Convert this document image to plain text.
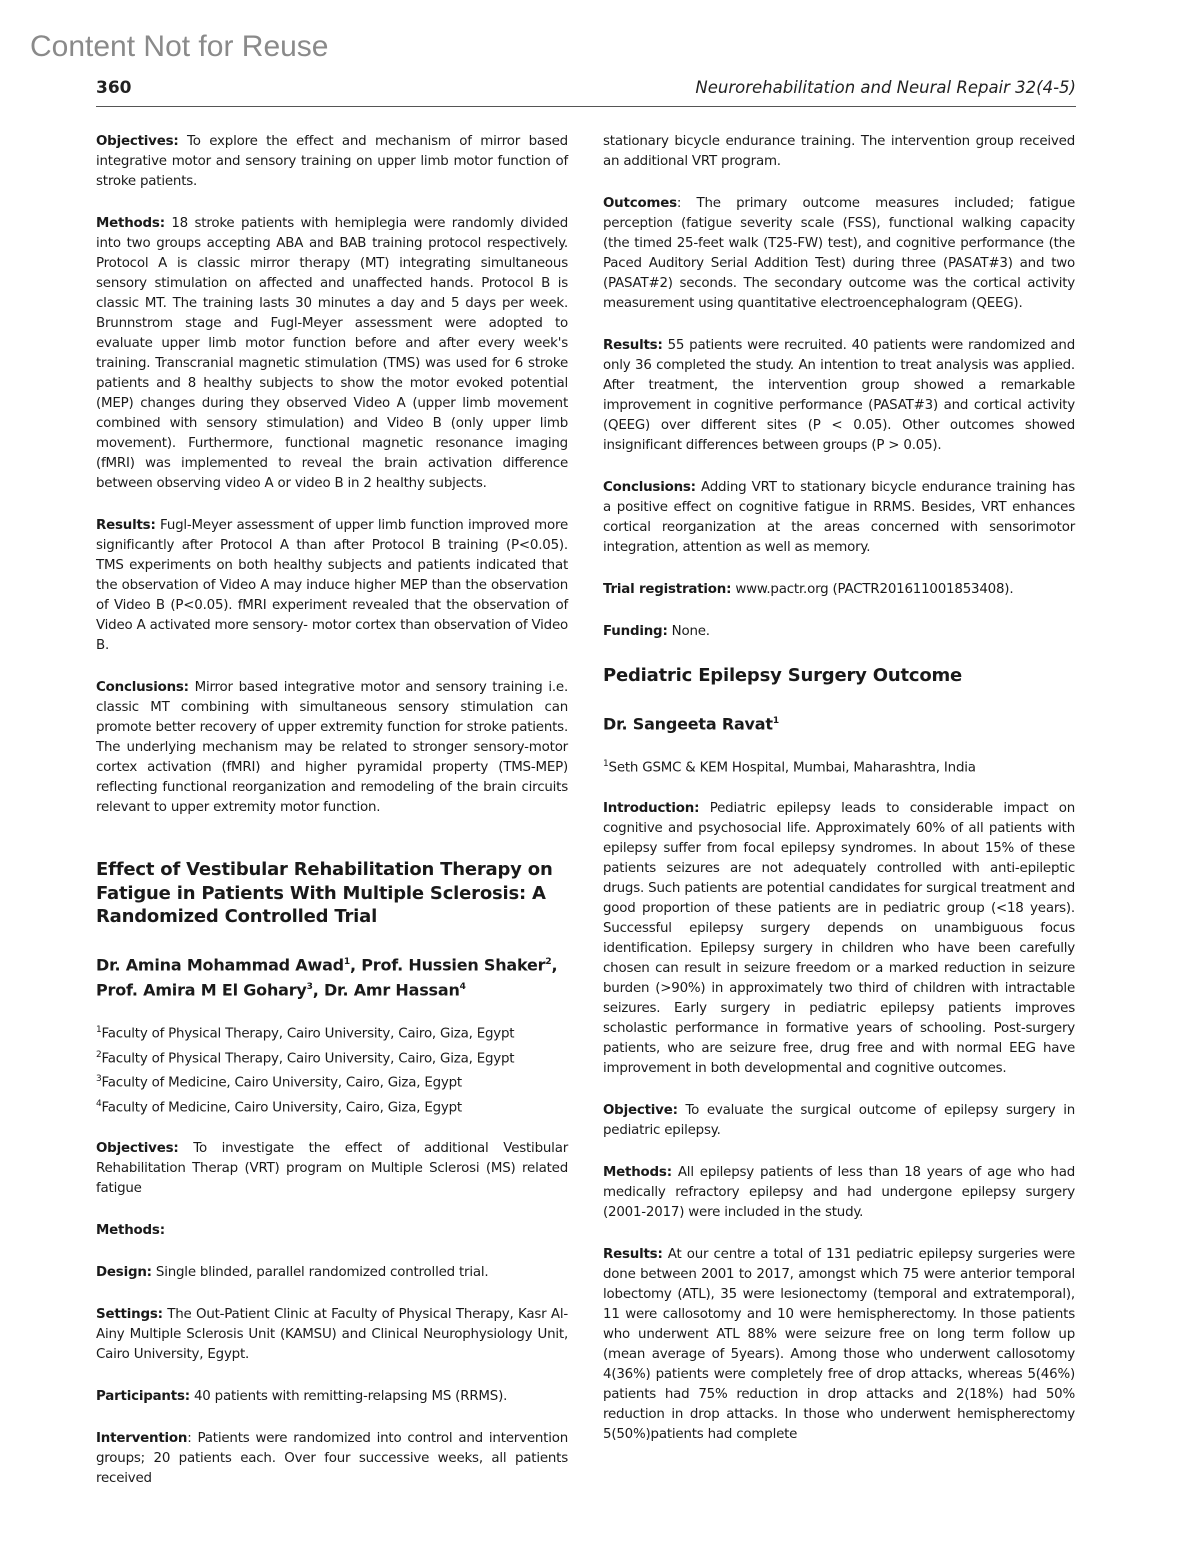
Content Not for Reuse
360	Neurorehabilitation and Neural Repair 32(4-5)

Objectives: To explore the effect and mechanism of mirror based integrative motor and sensory training on upper limb motor function of stroke patients.

Methods: 18 stroke patients with hemiplegia were randomly divided into two groups accepting ABA and BAB training protocol respectively. Protocol A is classic mirror therapy (MT) integrating simultaneous sensory stimulation on affected and unaffected hands. Protocol B is classic MT. The training lasts 30 minutes a day and 5 days per week. Brunnstrom stage and Fugl-Meyer assessment were adopted to evaluate upper limb motor function before and after every week's training. Transcranial magnetic stimulation (TMS) was used for 6 stroke patients and 8 healthy subjects to show the motor evoked potential (MEP) changes during they observed Video A (upper limb movement combined with sensory stimulation) and Video B (only upper limb movement). Furthermore, functional magnetic resonance imaging (fMRI) was implemented to reveal the brain activation difference between observing video A or video B in 2 healthy subjects.

Results: Fugl-Meyer assessment of upper limb function improved more significantly after Protocol A than after Protocol B training (P<0.05). TMS experiments on both healthy subjects and patients indicated that the observation of Video A may induce higher MEP than the observation of Video B (P<0.05). fMRI experiment revealed that the observation of Video A activated more sensory- motor cortex than observation of Video B.

Conclusions: Mirror based integrative motor and sensory training i.e. classic MT combining with simultaneous sensory stimulation can promote better recovery of upper extremity function for stroke patients. The underlying mechanism may be related to stronger sensory-motor cortex activation (fMRI) and higher pyramidal property (TMS-MEP) reflecting functional reorganization and remodeling of the brain circuits relevant to upper extremity motor function.

Effect of Vestibular Rehabilitation Therapy on Fatigue in Patients With Multiple Sclerosis: A Randomized Controlled Trial
Dr. Amina Mohammad Awad$^1$, Prof. Hussien Shaker$^2$,
Prof. Amira M El Gohary$^3$, Dr. Amr Hassan$^4$
$^1$Faculty of Physical Therapy, Cairo University, Cairo, Giza, Egypt
$^2$Faculty of Physical Therapy, Cairo University, Cairo, Giza, Egypt
$^3$Faculty of Medicine, Cairo University, Cairo, Giza, Egypt
$^4$Faculty of Medicine, Cairo University, Cairo, Giza, Egypt

Objectives: To investigate the effect of additional Vestibular Rehabilitation Therap (VRT) program on Multiple Sclerosi (MS) related fatigue

Methods:

Design: Single blinded, parallel randomized controlled trial.

Settings: The Out-Patient Clinic at Faculty of Physical Therapy, Kasr Al-Ainy Multiple Sclerosis Unit (KAMSU) and Clinical Neurophysiology Unit, Cairo University, Egypt.

Participants: 40 patients with remitting-relapsing MS (RRMS).

Intervention: Patients were randomized into control and intervention groups; 20 patients each. Over four successive weeks, all patients received

stationary bicycle endurance training. The intervention group received an additional VRT program.

Outcomes: The primary outcome measures included; fatigue perception (fatigue severity scale (FSS), functional walking capacity (the timed 25-feet walk (T25-FW) test), and cognitive performance (the Paced Auditory Serial Addition Test) during three (PASAT#3) and two (PASAT#2) seconds. The secondary outcome was the cortical activity measurement using quantitative electroencephalogram (QEEG).

Results: 55 patients were recruited. 40 patients were randomized and only 36 completed the study. An intention to treat analysis was applied. After treatment, the intervention group showed a remarkable improvement in cognitive performance (PASAT#3) and cortical activity (QEEG) over different sites (P < 0.05). Other outcomes showed insignificant differences between groups (P > 0.05).

Conclusions: Adding VRT to stationary bicycle endurance training has a positive effect on cognitive fatigue in RRMS. Besides, VRT enhances cortical reorganization at the areas concerned with sensorimotor integration, attention as well as memory.

Trial registration: www.pactr.org (PACTR201611001853408).

Funding: None.

Pediatric Epilepsy Surgery Outcome
Dr. Sangeeta Ravat$^1$
$^1$Seth GSMC & KEM Hospital, Mumbai, Maharashtra, India

Introduction: Pediatric epilepsy leads to considerable impact on cognitive and psychosocial life. Approximately 60% of all patients with epilepsy suffer from focal epilepsy syndromes. In about 15% of these patients seizures are not adequately controlled with anti-epileptic drugs. Such patients are potential candidates for surgical treatment and good proportion of these patients are in pediatric group (<18 years). Successful epilepsy surgery depends on unambiguous focus identification. Epilepsy surgery in children who have been carefully chosen can result in seizure freedom or a marked reduction in seizure burden (>90%) in approximately two third of children with intractable seizures. Early surgery in pediatric epilepsy patients improves scholastic performance in formative years of schooling. Post-surgery patients, who are seizure free, drug free and with normal EEG have improvement in both developmental and cognitive outcomes.

Objective: To evaluate the surgical outcome of epilepsy surgery in pediatric epilepsy.

Methods: All epilepsy patients of less than 18 years of age who had medically refractory epilepsy and had undergone epilepsy surgery (2001-2017) were included in the study.

Results: At our centre a total of 131 pediatric epilepsy surgeries were done between 2001 to 2017, amongst which 75 were anterior temporal lobectomy (ATL), 35 were lesionectomy (temporal and extratemporal), 11 were callosotomy and 10 were hemispherectomy. In those patients who underwent ATL 88% were seizure free on long term follow up (mean average of 5years). Among those who underwent callosotomy 4(36%) patients were completely free of drop attacks, whereas 5(46%) patients had 75% reduction in drop attacks and 2(18%) had 50% reduction in drop attacks. In those who underwent hemispherectomy 5(50%)patients had complete
